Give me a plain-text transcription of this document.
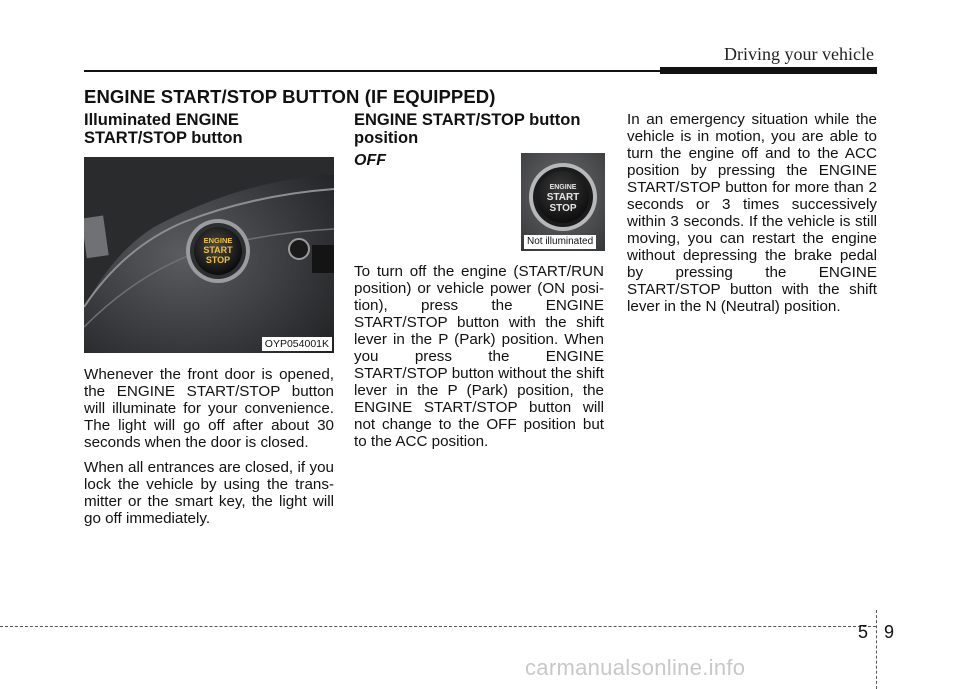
Driving your vehicle
ENGINE START/STOP BUTTON (IF EQUIPPED)
Illuminated ENGINE START/STOP button
ENGINE
START
STOP
OYP054001K

Whenever the front door is opened, the ENGINE START/STOP button will illuminate for your convenience. The light will go off after about 30 seconds when the door is closed.

When all entrances are closed, if you lock the vehicle by using the trans-mitter or the smart key, the light will go off immediately.

ENGINE START/STOP button position
OFF
ENGINE
START
STOP
Not illuminated

To turn off the engine (START/RUN position) or vehicle power (ON posi-tion), press the ENGINE START/STOP button with the shift lever in the P (Park) position. When you press the ENGINE START/STOP button without the shift lever in the P (Park) position, the ENGINE START/STOP button will not change to the OFF position but to the ACC position.

In an emergency situation while the vehicle is in motion, you are able to turn the engine off and to the ACC position by pressing the ENGINE START/STOP button for more than 2 seconds or 3 times successively within 3 seconds. If the vehicle is still moving, you can restart the engine without depressing the brake pedal by pressing the ENGINE START/STOP button with the shift lever in the N (Neutral) position.

5 9
carmanualsonline.info
